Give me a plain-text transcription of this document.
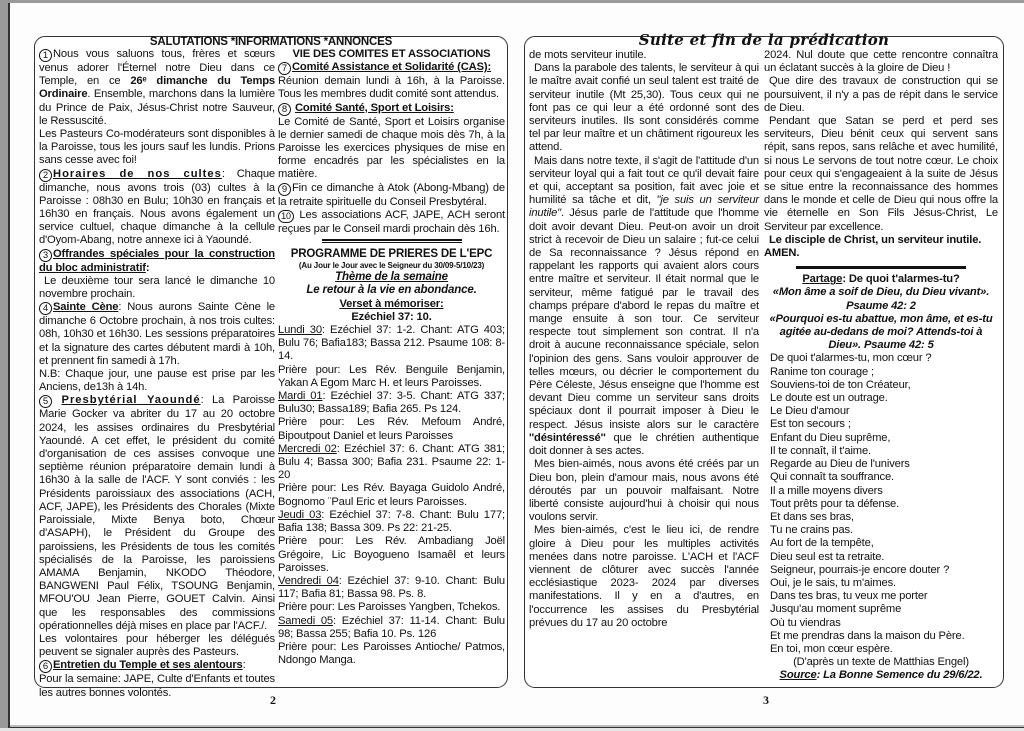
SALUTATIONS *INFORMATIONS *ANNONCES

1 Nous vous saluons tous, frères et sœurs venus adorer l'Éternel notre Dieu dans ce Temple, en ce 26ᵉ dimanche du Temps Ordinaire. Ensemble, marchons dans la lumière du Prince de Paix, Jésus-Christ notre Sauveur, le Ressuscité.

Les Pasteurs Co-modérateurs sont disponibles à la Paroisse, tous les jours sauf les lundis. Prions sans cesse avec foi!

2 Horaires de nos cultes: Chaque dimanche, nous avons trois (03) cultes à la Paroisse : 08h30 en Bulu; 10h30 en français et 16h30 en français. Nous avons également un service cultuel, chaque dimanche à la cellule d'Oyom-Abang, notre annexe ici à Yaoundé.

3 Offrandes spéciales pour la construction du bloc administratif:

Le deuxième tour sera lancé le dimanche 10 novembre prochain.

4 Sainte Cène: Nous aurons Sainte Cène le dimanche 6 Octobre prochain, à nos trois cultes: 08h, 10h30 et 16h30. Les sessions préparatoires et la signature des cartes débutent mardi à 10h, et prennent fin samedi à 17h.

N.B: Chaque jour, une pause est prise par les Anciens, de13h à 14h.

5 Presbytérial Yaoundé: La Paroisse Marie Gocker va abriter du 17 au 20 octobre 2024, les assises ordinaires du Presbytérial Yaoundé. A cet effet, le président du comité d'organisation de ces assises convoque une septième réunion préparatoire demain lundi à 16h30 à la salle de l'ACF. Y sont conviés : les Présidents paroissiaux des associations (ACH, ACF, JAPE), les Présidents des Chorales (Mixte Paroissiale, Mixte Benya boto, Chœur d'ASAPH), le Président du Groupe des paroissiens, les Présidents de tous les comités spécialisés de la Paroisse, les paroissiens AMAMA Benjamin, NKODO Théodore, BANGWENI Paul Félix, TSOUNG Benjamin, MFOU'OU Jean Pierre, GOUET Calvin. Ainsi que les responsables des commissions opérationnelles déjà mises en place par l'ACF./.

Les volontaires pour héberger les délégués peuvent se signaler auprès des Pasteurs.

6 Entretien du Temple et ses alentours:

Pour la semaine: JAPE, Culte d'Enfants et toutes les autres bonnes volontés.

VIE DES COMITES ET ASSOCIATIONS

7 Comité Assistance et Solidarité (CAS):

Réunion demain lundi à 16h, à la Paroisse. Tous les membres dudit comité sont attendus.

8 Comité Santé, Sport et Loisirs:

Le Comité de Santé, Sport et Loisirs organise le dernier samedi de chaque mois dès 7h, à la Paroisse les exercices physiques de mise en forme encadrés par les spécialistes en la matière.

9 Fin ce dimanche à Atok (Abong-Mbang) de la retraite spirituelle du Conseil Presbytéral.

10 Les associations ACF, JAPE, ACH seront reçues par le Conseil mardi prochain dès 16h.

PROGRAMME DE PRIERES DE L'EPC

(Au Jour le Jour avec le Seigneur du 30/09-5/10/23)

Thème de la semaine

Le retour à la vie en abondance.

Verset à mémoriser:

Ezéchiel 37: 10.

Lundi 30: Ezéchiel 37: 1-2. Chant: ATG 403; Bulu 76; Bafia183; Bassa 212. Psaume 108: 8-14.

Prière pour: Les Rév. Benguile Benjamin, Yakan A Egom Marc H. et leurs Paroisses.

Mardi 01: Ezéchiel 37: 3-5. Chant: ATG 337; Bulu30; Bassa189; Bafia 265. Ps 124.

Prière pour: Les Rév. Mefoum André, Bipoutpout Daniel et leurs Paroisses

Mercredi 02: Ezéchiel 37: 6. Chant: ATG 381; Bulu 4; Bassa 300; Bafia 231. Psaume 22: 1-20

Prière pour: Les Rév. Bayaga Guidolo André, Bognomo ¨Paul Eric et leurs Paroisses.

Jeudi 03: Ezéchiel 37: 7-8. Chant: Bulu 177; Bafia 138; Bassa 309. Ps 22: 21-25.

Prière pour: Les Rév. Ambadiang Joël Grégoire, Lic Boyogueno Isamaêl et leurs Paroisses.

Vendredi 04: Ezéchiel 37: 9-10. Chant: Bulu 117; Bafia 81; Bassa 98. Ps. 8.

Prière pour: Les Paroisses Yangben, Tchekos.

Samedi 05: Ezéchiel 37: 11-14. Chant: Bulu 98; Bassa 255; Bafia 10. Ps. 126

Prière pour: Les Paroisses Antioche/ Patmos, Ndongo Manga.

2
Suite et fin de la prédication

de mots serviteur inutile.

Dans la parabole des talents, le serviteur à qui le maître avait confié un seul talent est traité de serviteur inutile (Mt 25,30). Tous ceux qui ne font pas ce qui leur a été ordonné sont des serviteurs inutiles. Ils sont considérés comme tel par leur maître et un châtiment rigoureux les attend.

Mais dans notre texte, il s'agit de l'attitude d'un serviteur loyal qui a fait tout ce qu'il devait faire et qui, acceptant sa position, fait avec joie et humilité sa tâche et dit, "je suis un serviteur inutile". Jésus parle de l'attitude que l'homme doit avoir devant Dieu. Peut-on avoir un droit strict à recevoir de Dieu un salaire ; fut-ce celui de Sa reconnaissance ? Jésus répond en rappelant les rapports qui avaient alors cours entre maître et serviteur. Il était normal que le serviteur, même fatigué par le travail des champs prépare d'abord le repas du maître et mange ensuite à son tour. Ce serviteur respecte tout simplement son contrat. Il n'a droit à aucune reconnaissance spéciale, selon l'opinion des gens. Sans vouloir approuver de telles mœurs, ou décrier le comportement du Père Céleste, Jésus enseigne que l'homme est devant Dieu comme un serviteur sans droits spéciaux dont il pourrait imposer à Dieu le respect. Jésus insiste alors sur le caractère ''désintéressé'' que le chrétien authentique doit donner à ses actes.

Mes bien-aimés, nous avons été créés par un Dieu bon, plein d'amour mais, nous avons été déroutés par un pouvoir malfaisant. Notre liberté consiste aujourd'hui à choisir qui nous voulons servir.

Mes bien-aimés, c'est le lieu ici, de rendre gloire à Dieu pour les multiples activités menées dans notre paroisse. L'ACH et l'ACF viennent de clôturer avec succès l'année ecclésiastique 2023- 2024 par diverses manifestations. Il y en a d'autres, en l'occurrence les assises du Presbytérial prévues du 17 au 20 octobre

2024. Nul doute que cette rencontre connaîtra un éclatant succès à la gloire de Dieu !

Que dire des travaux de construction qui se poursuivent, il n'y a pas de répit dans le service de Dieu.

Pendant que Satan se perd et perd ses serviteurs, Dieu bénit ceux qui servent sans répit, sans repos, sans relâche et avec humilité, si nous Le servons de tout notre cœur. Le choix pour ceux qui s'engageaient à la suite de Jésus se situe entre la reconnaissance des hommes dans le monde et celle de Dieu qui nous offre la vie éternelle en Son Fils Jésus-Christ, Le Serviteur par excellence.

Le disciple de Christ, un serviteur inutile. AMEN.

Partage: De quoi t'alarmes-tu?

«Mon âme a soif de Dieu, du Dieu vivant». Psaume 42: 2

«Pourquoi es-tu abattue, mon âme, et es-tu agitée au-dedans de moi? Attends-toi à Dieu». Psaume 42: 5

De quoi t'alarmes-tu, mon cœur ?

Ranime ton courage ;

Souviens-toi de ton Créateur,

Le doute est un outrage.

Le Dieu d'amour

Est ton secours ;

Enfant du Dieu suprême,

Il te connaît, il t'aime.

Regarde au Dieu de l'univers

Qui connaît ta souffrance.

Il a mille moyens divers

Tout prêts pour ta défense.

Et dans ses bras,

Tu ne crains pas.

Au fort de la tempête,

Dieu seul est ta retraite.

Seigneur, pourrais-je encore douter ?

Oui, je le sais, tu m'aimes.

Dans tes bras, tu veux me porter

Jusqu'au moment suprême

Où tu viendras

Et me prendras dans la maison du Père.

En toi, mon cœur espère.

(D'après un texte de Matthias Engel)

Source: La Bonne Semence du 29/6/22.

3
